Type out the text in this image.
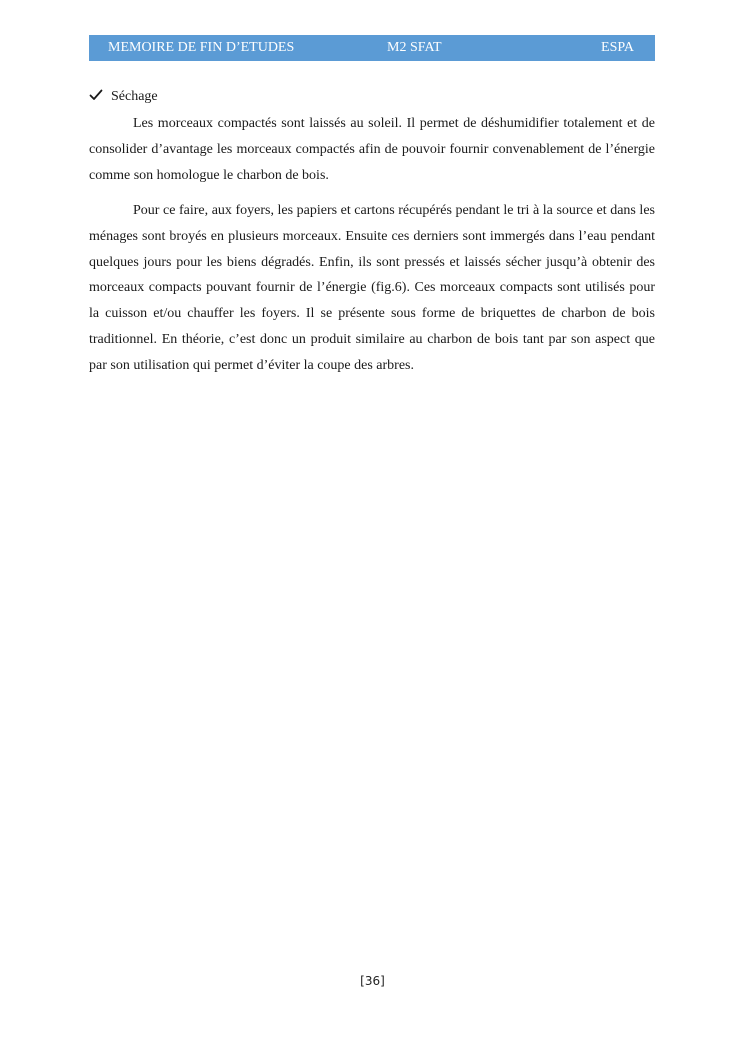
MEMOIRE DE FIN D’ETUDES	M2 SFAT	ESPA
Séchage

Les morceaux compactés sont laissés au soleil. Il permet de déshumidifier totalement et de consolider d’avantage les morceaux compactés afin de pouvoir fournir convenablement de l’énergie comme son homologue le charbon de bois.

Pour ce faire, aux foyers, les papiers et cartons récupérés pendant le tri à la source et dans les ménages sont broyés en plusieurs morceaux. Ensuite ces derniers sont immergés dans l’eau pendant quelques jours pour les biens dégradés. Enfin, ils sont pressés et laissés sécher jusqu’à obtenir des morceaux compacts pouvant fournir de l’énergie (fig.6). Ces morceaux compacts sont utilisés pour la cuisson et/ou chauffer les foyers. Il se présente sous forme de briquettes de charbon de bois traditionnel. En théorie, c’est donc un produit similaire au charbon de bois tant par son aspect que par son utilisation qui permet d’éviter la coupe des arbres.

[36]
